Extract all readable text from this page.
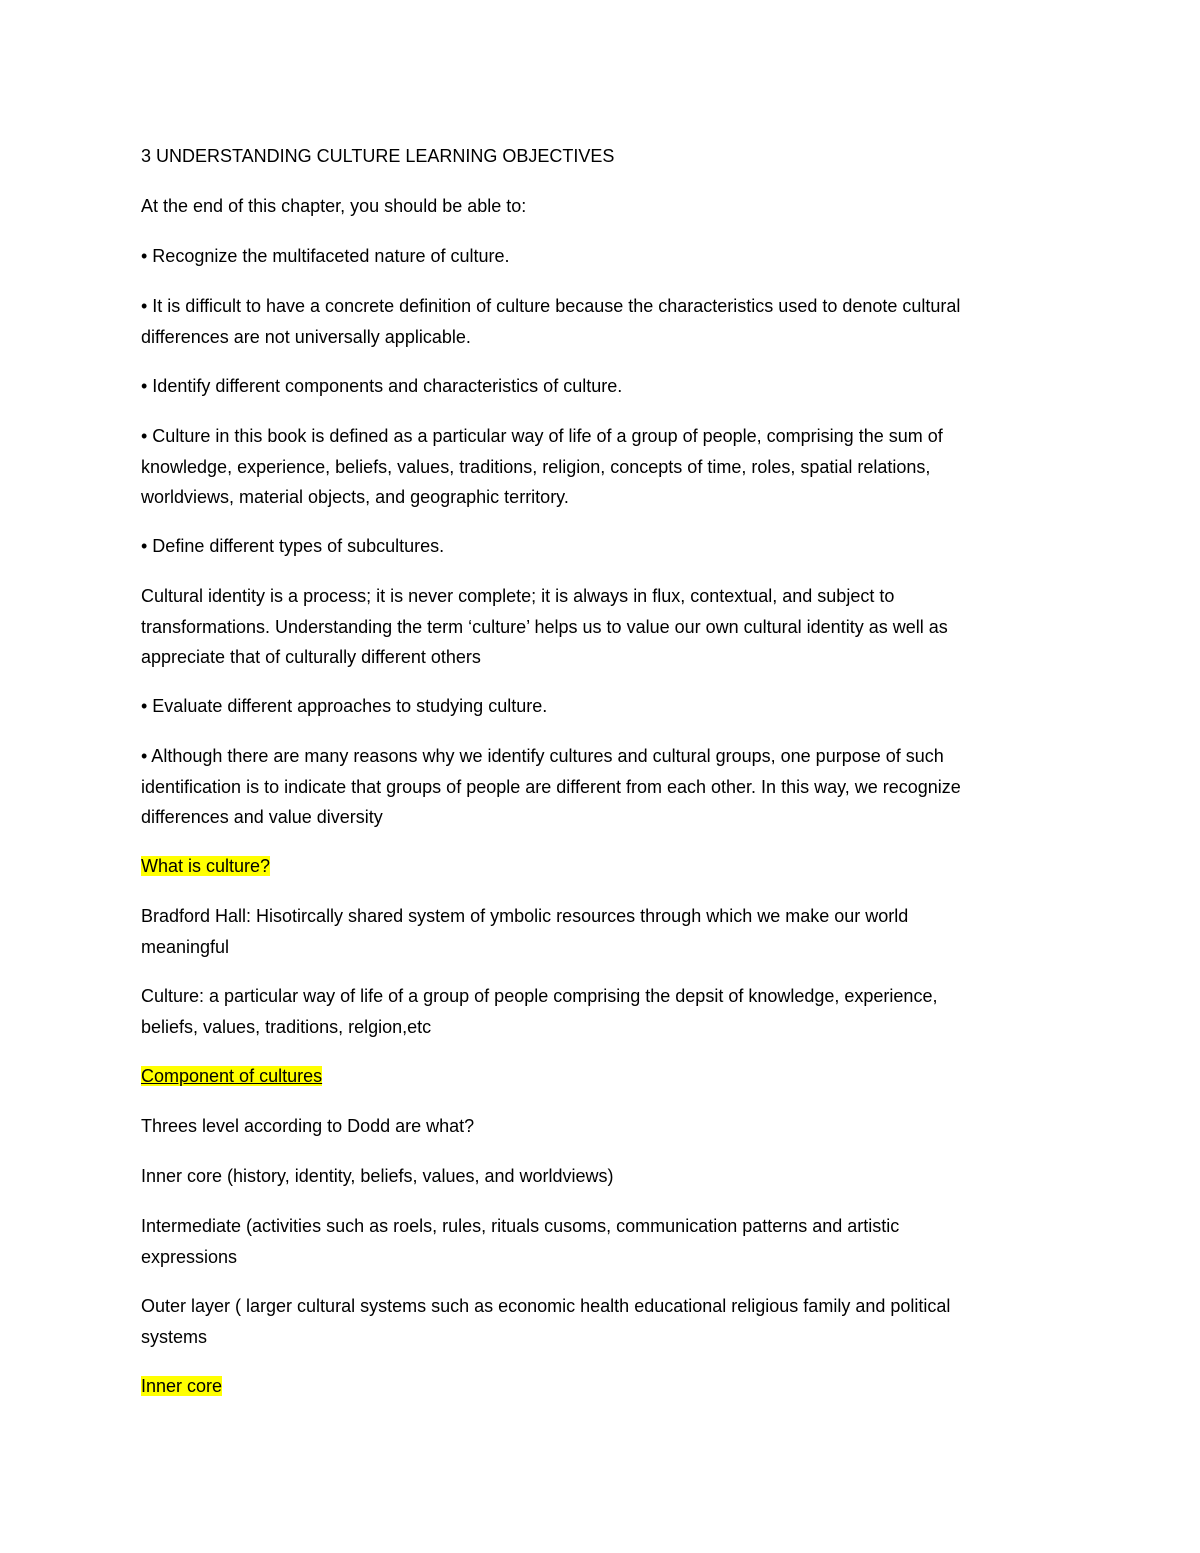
3 UNDERSTANDING CULTURE LEARNING OBJECTIVES
At the end of this chapter, you should be able to:
• Recognize the multifaceted nature of culture.
• It is difficult to have a concrete definition of culture because the characteristics used to denote cultural
differences are not universally applicable.
• Identify different components and characteristics of culture.
• Culture in this book is defined as a particular way of life of a group of people, comprising the sum of
knowledge, experience, beliefs, values, traditions, religion, concepts of time, roles, spatial relations,
worldviews, material objects, and geographic territory.
• Define different types of subcultures.
Cultural identity is a process; it is never complete; it is always in flux, contextual, and subject to
transformations. Understanding the term ‘culture’ helps us to value our own cultural identity as well as
appreciate that of culturally different others
• Evaluate different approaches to studying culture.
• Although there are many reasons why we identify cultures and cultural groups, one purpose of such
identification is to indicate that groups of people are different from each other. In this way, we recognize
differences and value diversity
What is culture?
Bradford Hall: Hisotircally shared system of ymbolic resources through which we make our world
meaningful
Culture: a particular way of life of a group of people comprising the depsit of knowledge, experience,
beliefs, values, traditions, relgion,etc
Component of cultures
Threes level according to Dodd are what?
Inner core (history, identity, beliefs, values, and worldviews)
Intermediate (activities such as roels, rules, rituals cusoms, communication patterns and artistic
expressions
Outer layer ( larger cultural systems such as economic health educational religious family and political
systems
Inner core
